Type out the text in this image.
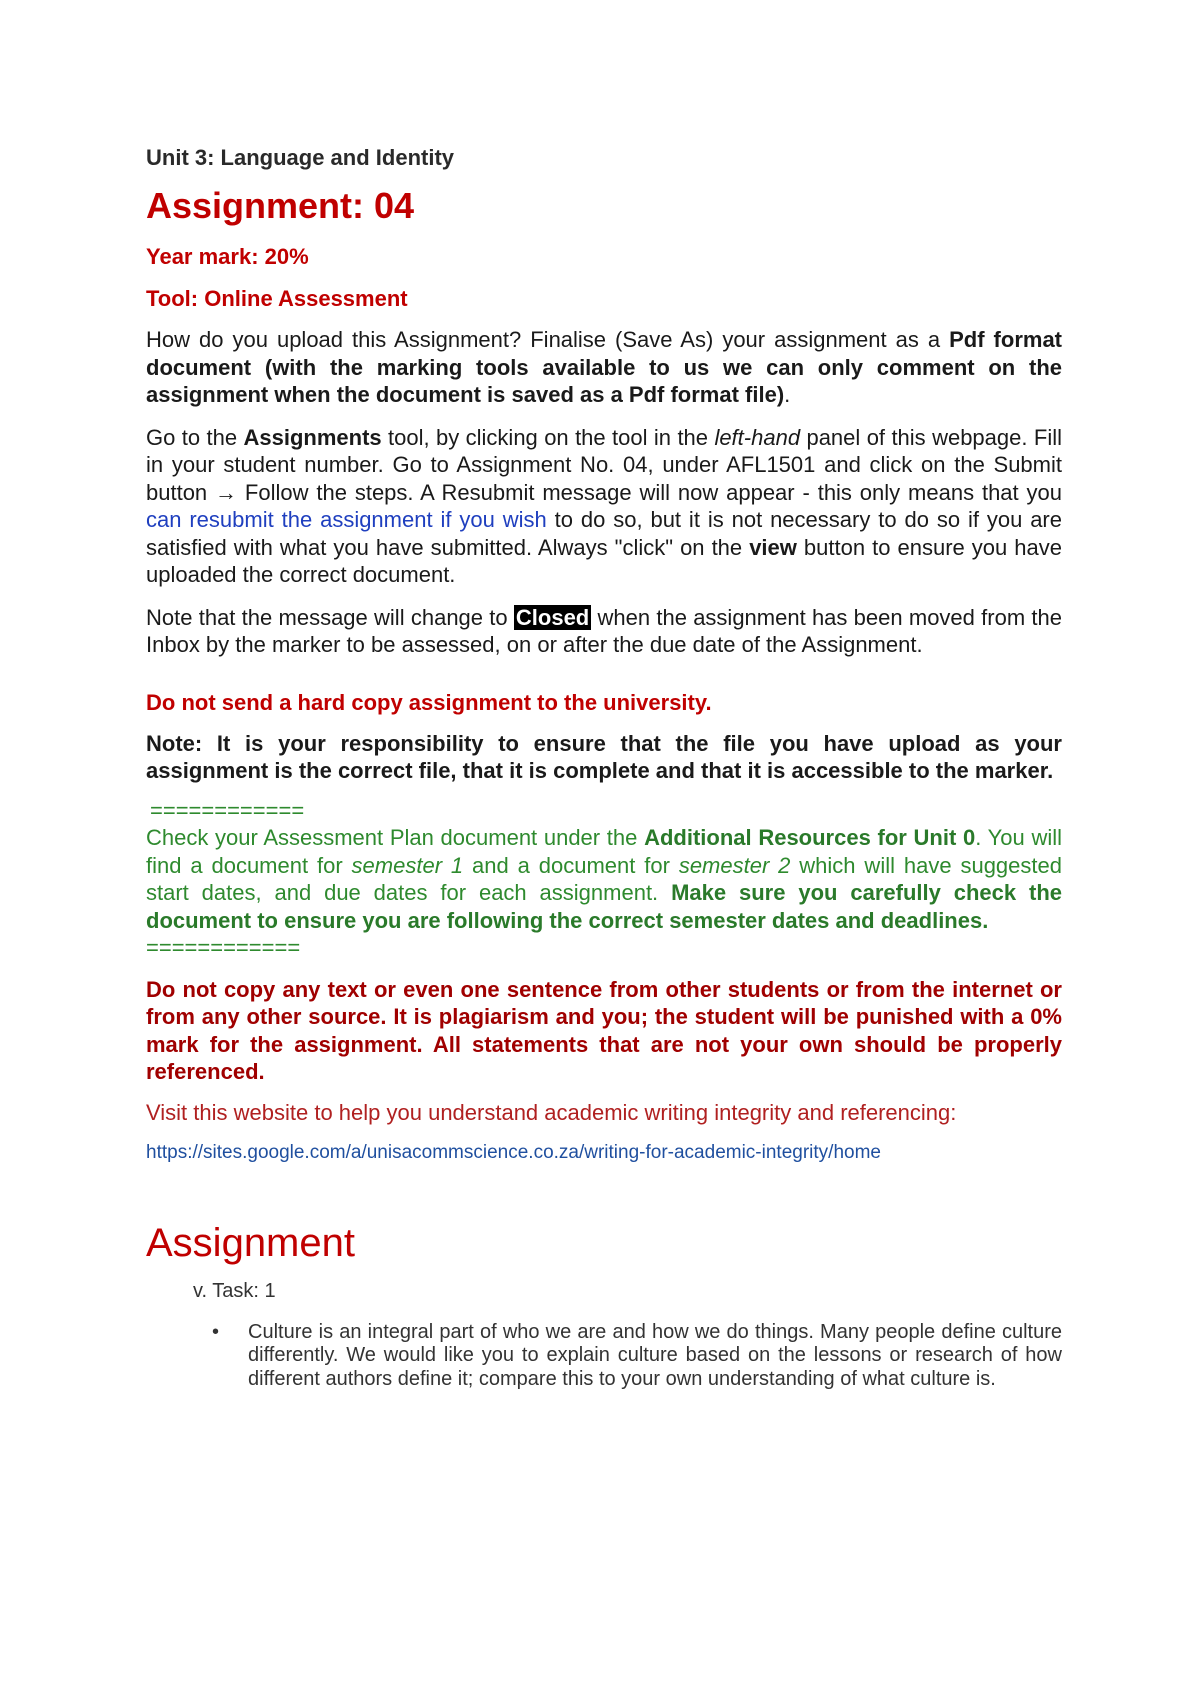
Unit 3: Language and Identity

Assignment: 04

Year mark: 20%

Tool: Online Assessment

How do you upload this Assignment? Finalise (Save As) your assignment as a Pdf format document (with the marking tools available to us we can only comment on the assignment when the document is saved as a Pdf format file).

Go to the Assignments tool, by clicking on the tool in the left-hand panel of this webpage. Fill in your student number. Go to Assignment No. 04, under AFL1501 and click on the Submit button → Follow the steps. A Resubmit message will now appear - this only means that you can resubmit the assignment if you wish to do so, but it is not necessary to do so if you are satisfied with what you have submitted. Always "click" on the view button to ensure you have uploaded the correct document.

Note that the message will change to Closed when the assignment has been moved from the Inbox by the marker to be assessed, on or after the due date of the Assignment.

Do not send a hard copy assignment to the university.

Note: It is your responsibility to ensure that the file you have upload as your assignment is the correct file, that it is complete and that it is accessible to the marker.

============

Check your Assessment Plan document under the Additional Resources for Unit 0. You will find a document for semester 1 and a document for semester 2 which will have suggested start dates, and due dates for each assignment. Make sure you carefully check the document to ensure you are following the correct semester dates and deadlines.

============

Do not copy any text or even one sentence from other students or from the internet or from any other source. It is plagiarism and you; the student will be punished with a 0% mark for the assignment. All statements that are not your own should be properly referenced.

Visit this website to help you understand academic writing integrity and referencing:

https://sites.google.com/a/unisacommscience.co.za/writing-for-academic-integrity/home

Assignment

v. Task: 1

• Culture is an integral part of who we are and how we do things. Many people define culture differently. We would like you to explain culture based on the lessons or research of how different authors define it; compare this to your own understanding of what culture is.
